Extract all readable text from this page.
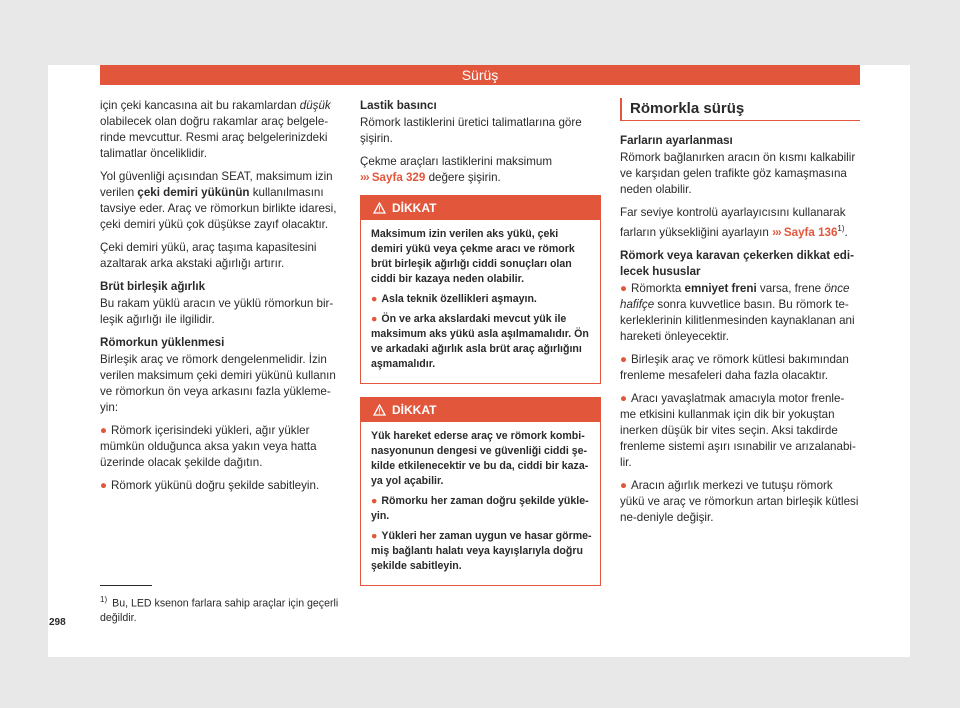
Sürüş

için çeki kancasına ait bu rakamlardan düşük olabilecek olan doğru rakamlar araç belgele-rinde mevcuttur. Resmi araç belgelerinizdeki talimatlar önceliklidir.

Yol güvenliği açısından SEAT, maksimum izin verilen çeki demiri yükünün kullanılmasını tavsiye eder. Araç ve römorkun birlikte idaresi, çeki demiri yükü çok düşükse zayıf olacaktır.

Çeki demiri yükü, araç taşıma kapasitesini azaltarak arka akstaki ağırlığı artırır.

Brüt birleşik ağırlık

Bu rakam yüklü aracın ve yüklü römorkun bir-leşik ağırlığı ile ilgilidir.

Römorkun yüklenmesi

Birleşik araç ve römork dengelenmelidir. İzin verilen maksimum çeki demiri yükünü kullanın ve römorkun ön veya arkasını fazla yükleme-yin:

● Römork içerisindeki yükleri, ağır yükler mümkün olduğunca aksa yakın veya hatta üzerinde olacak şekilde dağıtın.

● Römork yükünü doğru şekilde sabitleyin.

Lastik basıncı

Römork lastiklerini üretici talimatlarına göre şişirin.

Çekme araçları lastiklerini maksimum
››› Sayfa 329 değere şişirin.

DİKKAT

Maksimum izin verilen aks yükü, çeki demiri yükü veya çekme aracı ve römork brüt birleşik ağırlığı ciddi sonuçları olan ciddi bir kazaya neden olabilir.

● Asla teknik özellikleri aşmayın.

● Ön ve arka akslardaki mevcut yük ile maksimum aks yükü asla aşılmamalıdır. Ön ve arkadaki ağırlık asla brüt araç ağırlığını aşmamalıdır.

DİKKAT

Yük hareket ederse araç ve römork kombi-nasyonunun dengesi ve güvenliği ciddi şe-kilde etkilenecektir ve bu da, ciddi bir kaza-ya yol açabilir.

● Römorku her zaman doğru şekilde yükle-yin.

● Yükleri her zaman uygun ve hasar görme-miş bağlantı halatı veya kayışlarıyla doğru şekilde sabitleyin.

Römorkla sürüş
Farların ayarlanması

Römork bağlanırken aracın ön kısmı kalkabilir ve karşıdan gelen trafikte göz kamaşmasına neden olabilir.

Far seviye kontrolü ayarlayıcısını kullanarak farların yüksekliğini ayarlayın ››› Sayfa 136$^{1)}$.

Römork veya karavan çekerken dikkat edi-lecek hususlar

● Römorkta emniyet freni varsa, frene önce hafifçe sonra kuvvetlice basın. Bu römork te-kerleklerinin kilitlenmesinden kaynaklanan ani hareketi önleyecektir.

● Birleşik araç ve römork kütlesi bakımından frenleme mesafeleri daha fazla olacaktır.

● Aracı yavaşlatmak amacıyla motor frenle-me etkisini kullanmak için dik bir yokuştan inerken düşük bir vites seçin. Aksi takdirde frenleme sistemi aşırı ısınabilir ve arızalanabi-lir.

● Aracın ağırlık merkezi ve tutuşu römork yükü ve araç ve römorkun artan birleşik kütlesi ne-deniyle değişir.

$^{1)}$ Bu, LED ksenon farlara sahip araçlar için geçerli değildir.
298
